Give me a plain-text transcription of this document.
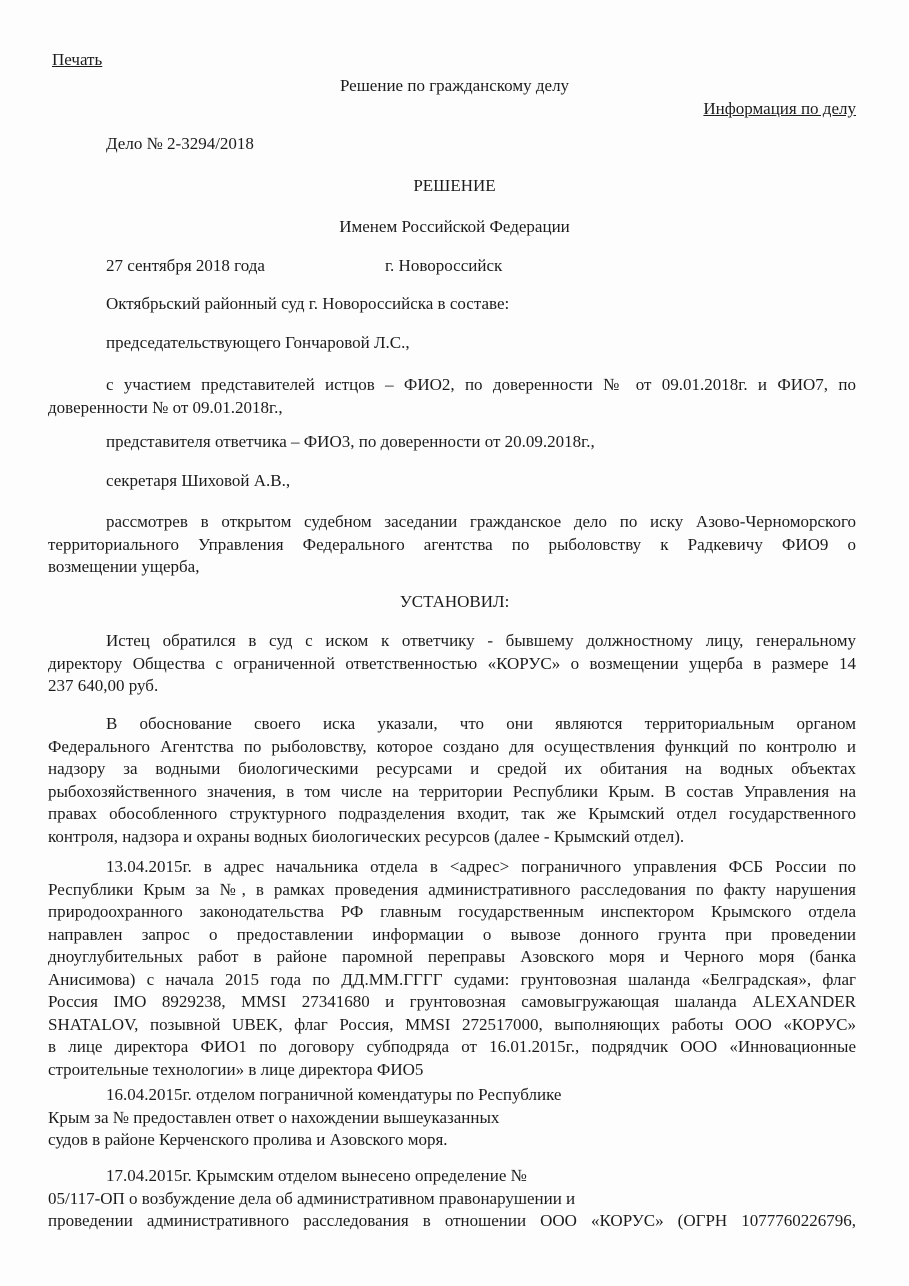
Печать
Решение по гражданскому делу
Информация по делу
Дело № 2-3294/2018
РЕШЕНИЕ
Именем Российской Федерации
27 сентября 2018 года	г. Новороссийск
Октябрьский районный суд г. Новороссийска в составе:
председательствующего Гончаровой Л.С.,
с участием представителей истцов – ФИО2, по доверенности № от 09.01.2018г. и ФИО7, по
доверенности № от 09.01.2018г.,
представителя ответчика – ФИО3, по доверенности от 20.09.2018г.,
секретаря Шиховой А.В.,
рассмотрев в открытом судебном заседании гражданское дело по иску Азово-Черноморского
территориального Управления Федерального агентства по рыболовству к Радкевичу ФИО9 о
возмещении ущерба,
УСТАНОВИЛ:
Истец обратился в суд с иском к ответчику - бывшему должностному лицу, генеральному
директору Общества с ограниченной ответственностью «КОРУС» о возмещении ущерба в размере 14
237 640,00 руб.
В обоснование своего иска указали, что они являются территориальным органом
Федерального Агентства по рыболовству, которое создано для осуществления функций по контролю и
надзору за водными биологическими ресурсами и средой их обитания на водных объектах
рыбохозяйственного значения, в том числе на территории Республики Крым. В состав Управления на
правах обособленного структурного подразделения входит, так же Крымский отдел государственного
контроля, надзора и охраны водных биологических ресурсов (далее - Крымский отдел).
13.04.2015г. в адрес начальника отдела в <адрес> пограничного управления ФСБ России по
Республики Крым за №, в рамках проведения административного расследования по факту нарушения
природоохранного законодательства РФ главным государственным инспектором Крымского отдела
направлен запрос о предоставлении информации о вывозе донного грунта при проведении
дноуглубительных работ в районе паромной переправы Азовского моря и Черного моря (банка
Анисимова) с начала 2015 года по ДД.ММ.ГГГГ судами: грунтовозная шаланда «Белградская», флаг
Россия IMO 8929238, MMSI 27341680 и грунтовозная самовыгружающая шаланда ALEXANDER
SHATALOV, позывной UBEK, флаг Россия, MMSI 272517000, выполняющих работы ООО «КОРУС»
в лице директора ФИО1 по договору субподряда от 16.01.2015г., подрядчик ООО «Инновационные
строительные технологии» в лице директора ФИО5
16.04.2015г. отделом пограничной комендатуры по Республике
Крым за № предоставлен ответ о нахождении вышеуказанных
судов в районе Керченского пролива и Азовского моря.
17.04.2015г. Крымским отделом вынесено определение №
05/117-ОП о возбуждение дела об административном правонарушении и
проведении административного расследования в отношении ООО «КОРУС» (ОГРН 1077760226796,
